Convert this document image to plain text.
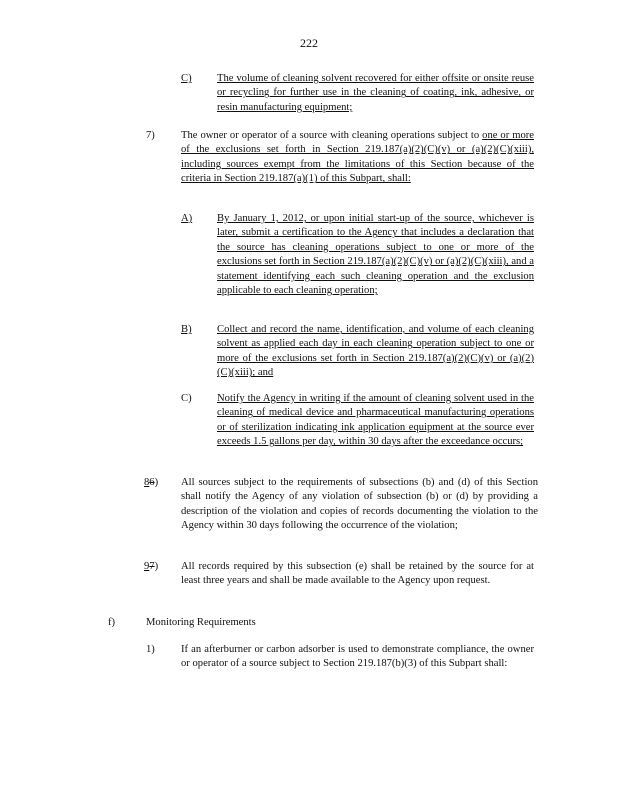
222
C) The volume of cleaning solvent recovered for either offsite or onsite reuse or recycling for further use in the cleaning of coating, ink, adhesive, or resin manufacturing equipment;
7) The owner or operator of a source with cleaning operations subject to one or more of the exclusions set forth in Section 219.187(a)(2)(C)(v) or (a)(2)(C)(xiii), including sources exempt from the limitations of this Section because of the criteria in Section 219.187(a)(1) of this Subpart, shall:
A) By January 1, 2012, or upon initial start-up of the source, whichever is later, submit a certification to the Agency that includes a declaration that the source has cleaning operations subject to one or more of the exclusions set forth in Section 219.187(a)(2)(C)(v) or (a)(2)(C)(xiii), and a statement identifying each such cleaning operation and the exclusion applicable to each cleaning operation;
B) Collect and record the name, identification, and volume of each cleaning solvent as applied each day in each cleaning operation subject to one or more of the exclusions set forth in Section 219.187(a)(2)(C)(v) or (a)(2)(C)(xiii); and
C) Notify the Agency in writing if the amount of cleaning solvent used in the cleaning of medical device and pharmaceutical manufacturing operations or of sterilization indicating ink application equipment at the source ever exceeds 1.5 gallons per day, within 30 days after the exceedance occurs;
86) All sources subject to the requirements of subsections (b) and (d) of this Section shall notify the Agency of any violation of subsection (b) or (d) by providing a description of the violation and copies of records documenting the violation to the Agency within 30 days following the occurrence of the violation;
97) All records required by this subsection (e) shall be retained by the source for at least three years and shall be made available to the Agency upon request.
f)	Monitoring Requirements
1) If an afterburner or carbon adsorber is used to demonstrate compliance, the owner or operator of a source subject to Section 219.187(b)(3) of this Subpart shall:
